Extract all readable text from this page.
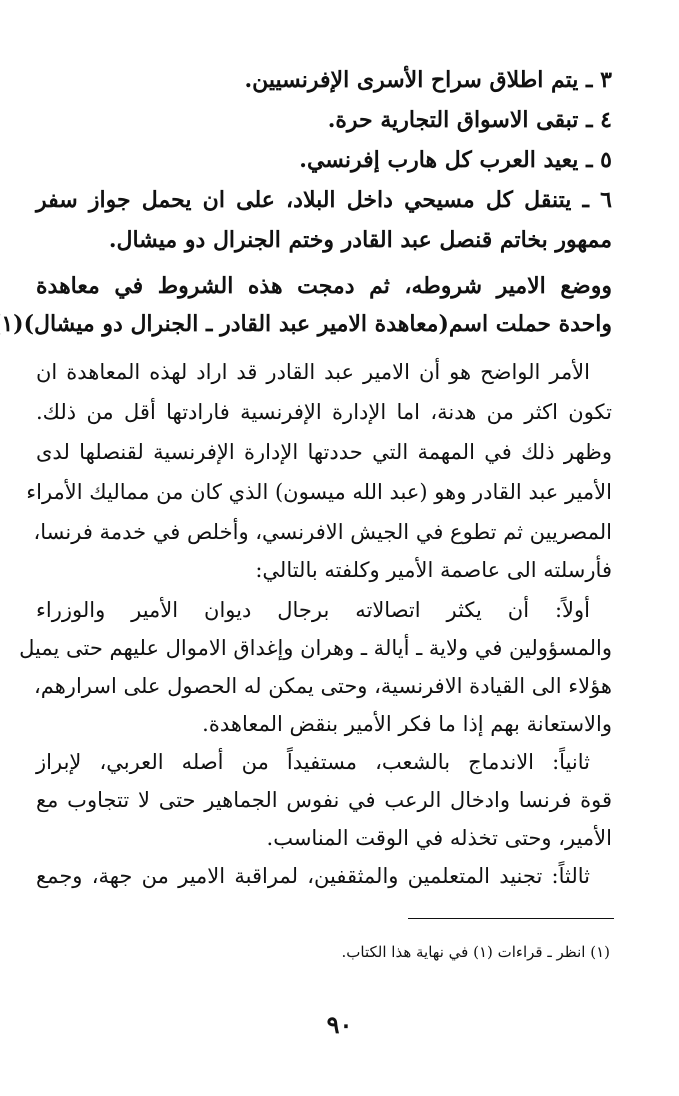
٣ ـ يتم اطلاق سراح الأسرى الإفرنسيين.
٤ ـ تبقى الاسواق التجارية حرة.
٥ ـ يعيد العرب كل هارب إفرنسي.
٦ ـ يتنقل كل مسيحي داخل البلاد، على ان يحمل جواز سفر
ممهور بخاتم قنصل عبد القادر وختم الجنرال دو ميشال.
ووضع الامير شروطه، ثم دمجت هذه الشروط في معاهدة
واحدة حملت اسم(معاهدة الامير عبد القادر ـ الجنرال دو ميشال)(١
الأمر الواضح هو أن الامير عبد القادر قد اراد لهذه المعاهدة ان
تكون اكثر من هدنة، اما الإدارة الإفرنسية فارادتها أقل من ذلك.
وظهر ذلك في المهمة التي حددتها الإدارة الإفرنسية لقنصلها لدى
الأمير عبد القادر وهو (عبد الله ميسون) الذي كان من مماليك الأمراء
المصريين ثم تطوع في الجيش الافرنسي، وأخلص في خدمة فرنسا،
فأرسلته الى عاصمة الأمير وكلفته بالتالي:
أولاً: أن يكثر اتصالاته برجال ديوان الأمير والوزراء
والمسؤولين في ولاية ـ أيالة ـ وهران وإغداق الاموال عليهم حتى يميل
هؤلاء الى القيادة الافرنسية، وحتى يمكن له الحصول على اسرارهم،
والاستعانة بهم إذا ما فكر الأمير بنقض المعاهدة.
ثانياً: الاندماج بالشعب، مستفيداً من أصله العربي، لإبراز
قوة فرنسا وادخال الرعب في نفوس الجماهير حتى لا تتجاوب مع
الأمير، وحتى تخذله في الوقت المناسب.
ثالثاً: تجنيد المتعلمين والمثقفين، لمراقبة الامير من جهة، وجمع
(١) انظر ـ قراءات (١) في نهاية هذا الكتاب.
٩٠
